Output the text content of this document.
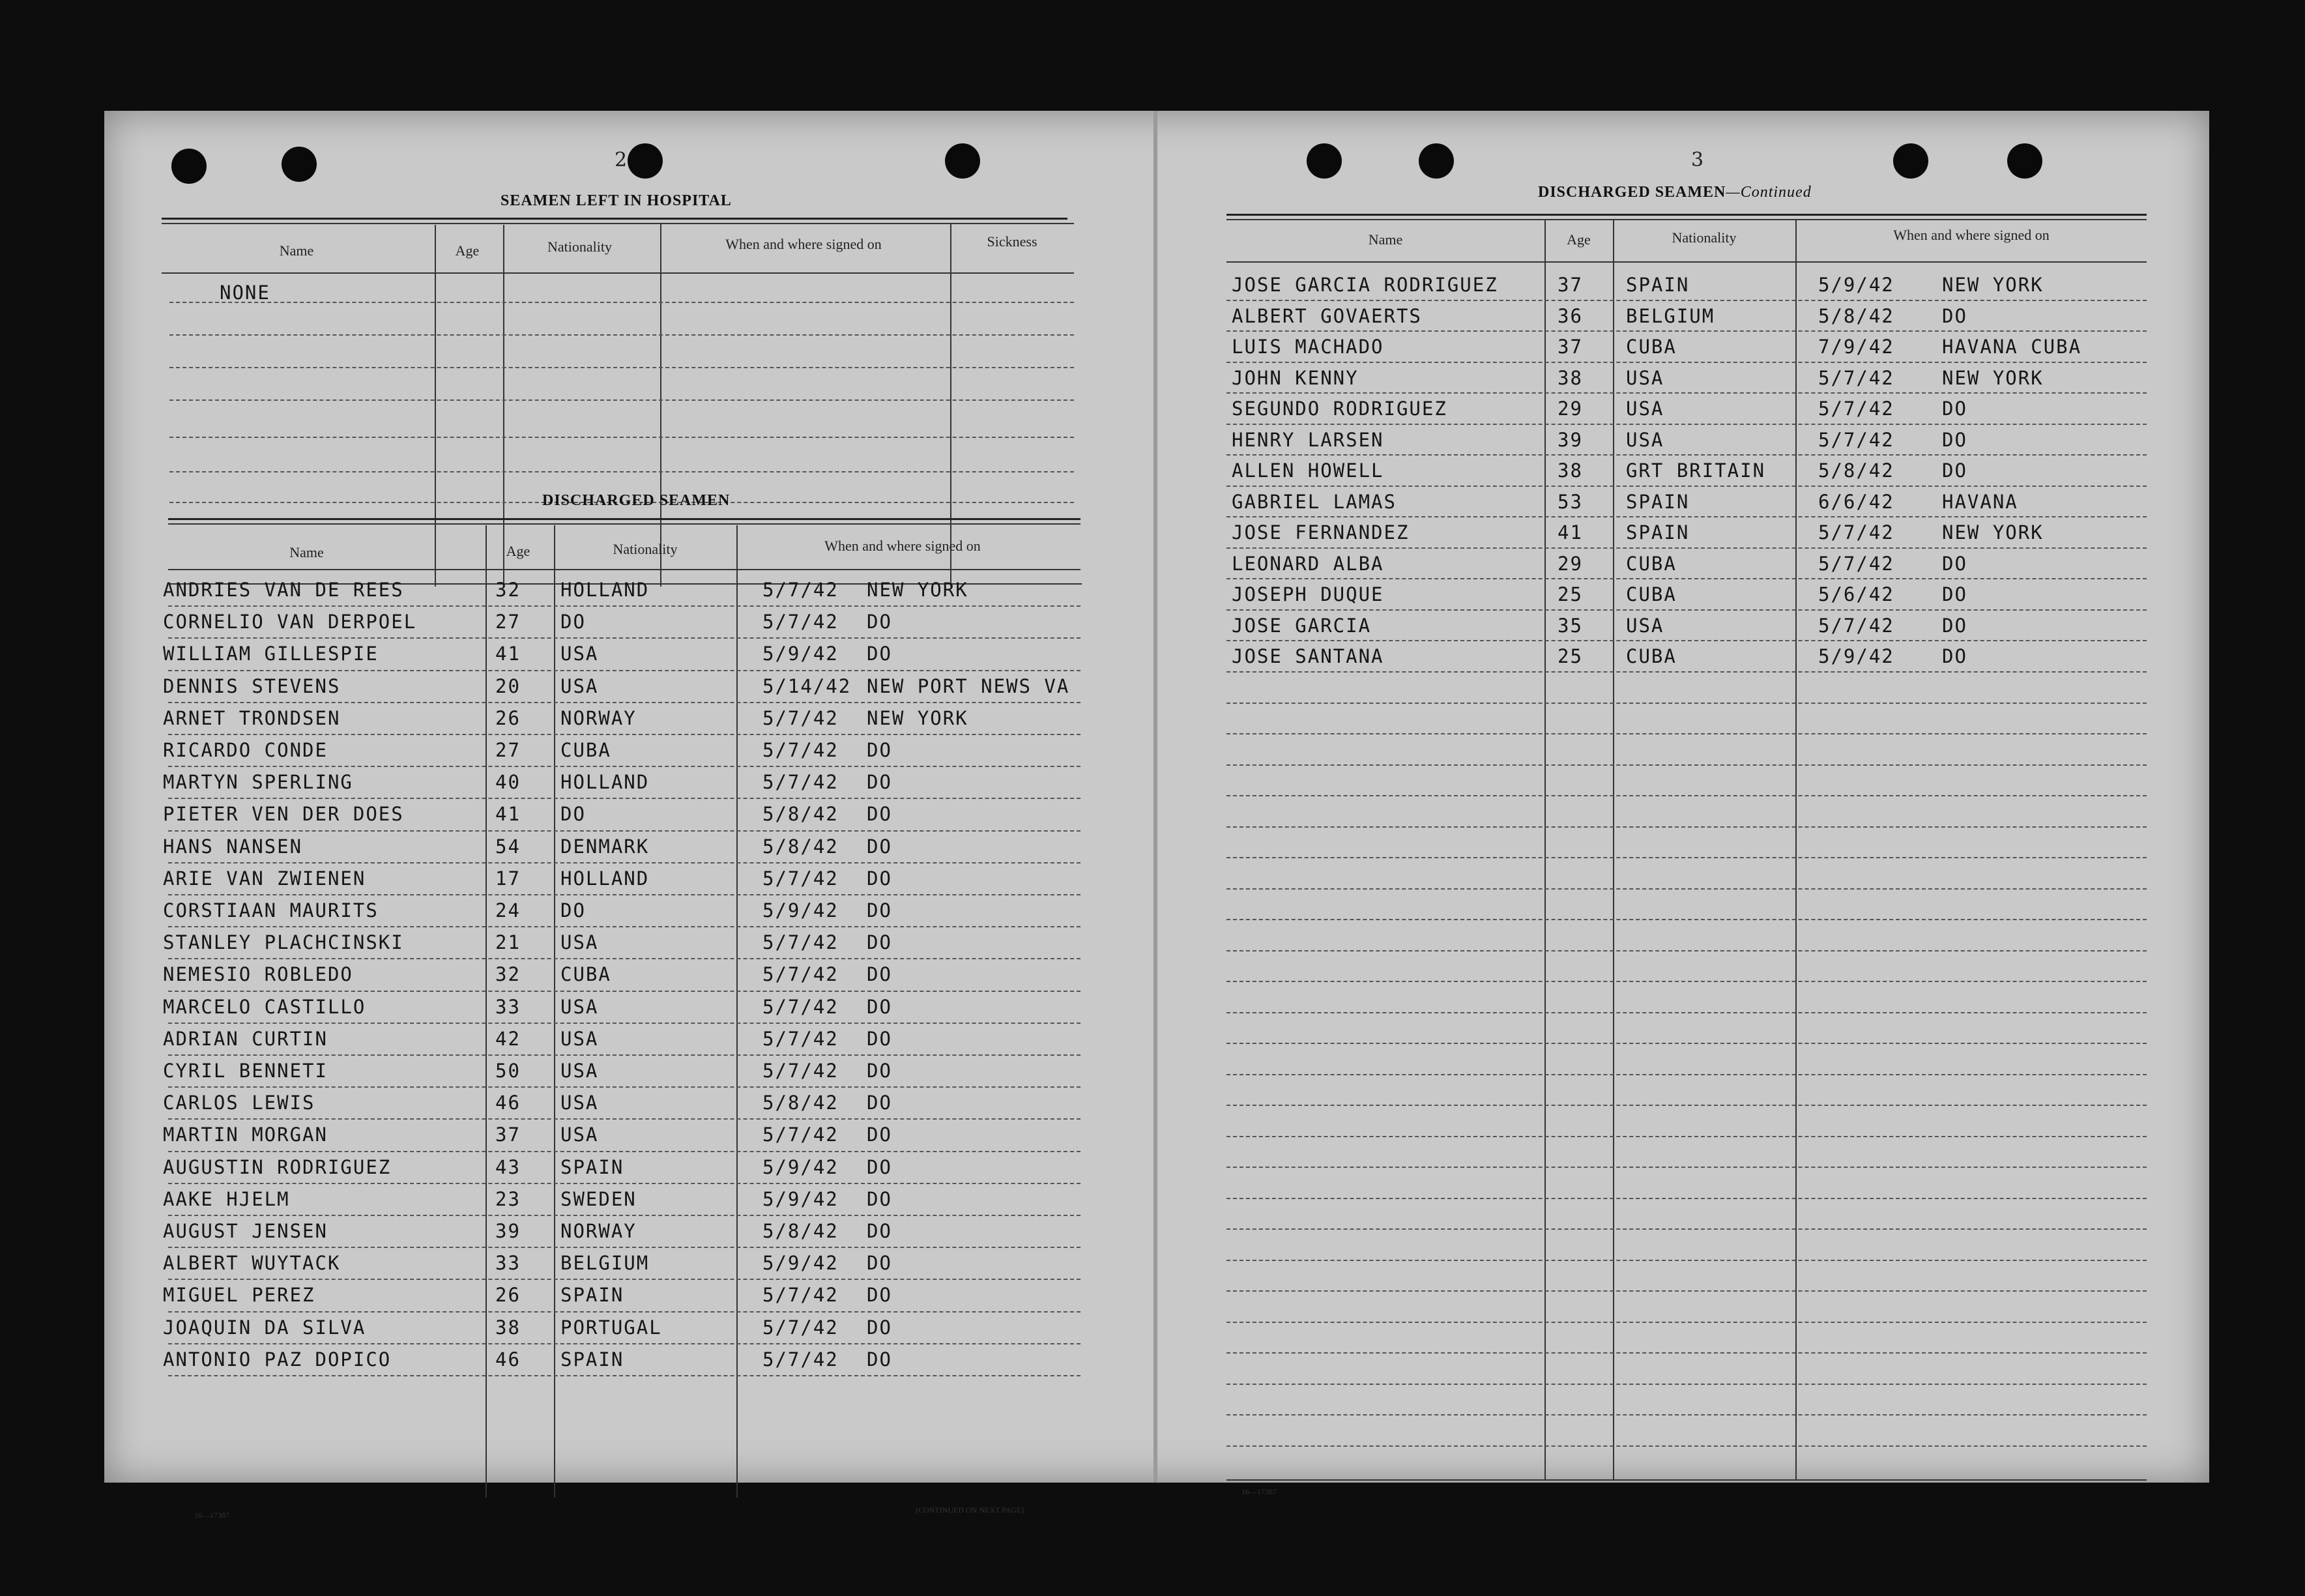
2
SEAMEN LEFT IN HOSPITAL
Name	Age	Nationality	When and where signed on	Sickness
NONE
DISCHARGED SEAMEN
Name	Age	Nationality	When and where signed on
ANDRIES VAN DE REES	32 HOLLAND	5/7/42 NEW YORK
CORNELIO VAN DERPOEL	27 DO	5/7/42 DO
WILLIAM GILLESPIE	41 USA	5/9/42 DO
DENNIS STEVENS	20 USA	5/14/42 NEW PORT NEWS VA
ARNET TRONDSEN	26 NORWAY	5/7/42 NEW YORK
RICARDO CONDE	27 CUBA	5/7/42 DO
MARTYN SPERLING	40 HOLLAND	5/7/42 DO
PIETER VEN DER DOES	41 DO	5/8/42 DO
HANS NANSEN	54 DENMARK	5/8/42 DO
ARIE VAN ZWIENEN	17 HOLLAND	5/7/42 DO
CORSTIAAN MAURITS	24 DO	5/9/42 DO
STANLEY PLACHCINSKI	21 USA	5/7/42 DO
NEMESIO ROBLEDO	32 CUBA	5/7/42 DO
MARCELO CASTILLO	33 USA	5/7/42 DO
ADRIAN CURTIN	42 USA	5/7/42 DO
CYRIL BENNETI	50 USA	5/7/42 DO
CARLOS LEWIS	46 USA	5/8/42 DO
MARTIN MORGAN	37 USA	5/7/42 DO
AUGUSTIN RODRIGUEZ	43 SPAIN	5/9/42 DO
AAKE HJELM	23 SWEDEN	5/9/42 DO
AUGUST JENSEN	39 NORWAY	5/8/42 DO
ALBERT WUYTACK	33 BELGIUM	5/9/42 DO
MIGUEL PEREZ	26 SPAIN	5/7/42 DO
JOAQUIN DA SILVA	38 PORTUGAL	5/7/42 DO
ANTONIO PAZ DOPICO	46 SPAIN	5/7/42 DO
16—17387
[CONTINUED ON NEXT PAGE]
3
DISCHARGED SEAMEN—Continued
Name	Age	Nationality	When and where signed on
JOSE GARCIA RODRIGUEZ	37 SPAIN	5/9/42	NEW YORK
ALBERT GOVAERTS	36 BELGIUM	5/8/42	DO
LUIS MACHADO	37 CUBA	7/9/42	HAVANA CUBA
JOHN KENNY	38 USA	5/7/42	NEW YORK
SEGUNDO RODRIGUEZ	29 USA	5/7/42	DO
HENRY LARSEN	39 USA	5/7/42	DO
ALLEN HOWELL	38 GRT BRITAIN	5/8/42	DO
GABRIEL LAMAS	53 SPAIN	6/6/42	HAVANA
JOSE FERNANDEZ	41 SPAIN	5/7/42	NEW YORK
LEONARD ALBA	29 CUBA	5/7/42	DO
JOSEPH DUQUE	25 CUBA	5/6/42	DO
JOSE GARCIA	35 USA	5/7/42	DO
JOSE SANTANA	25 CUBA	5/9/42	DO
16—17387
